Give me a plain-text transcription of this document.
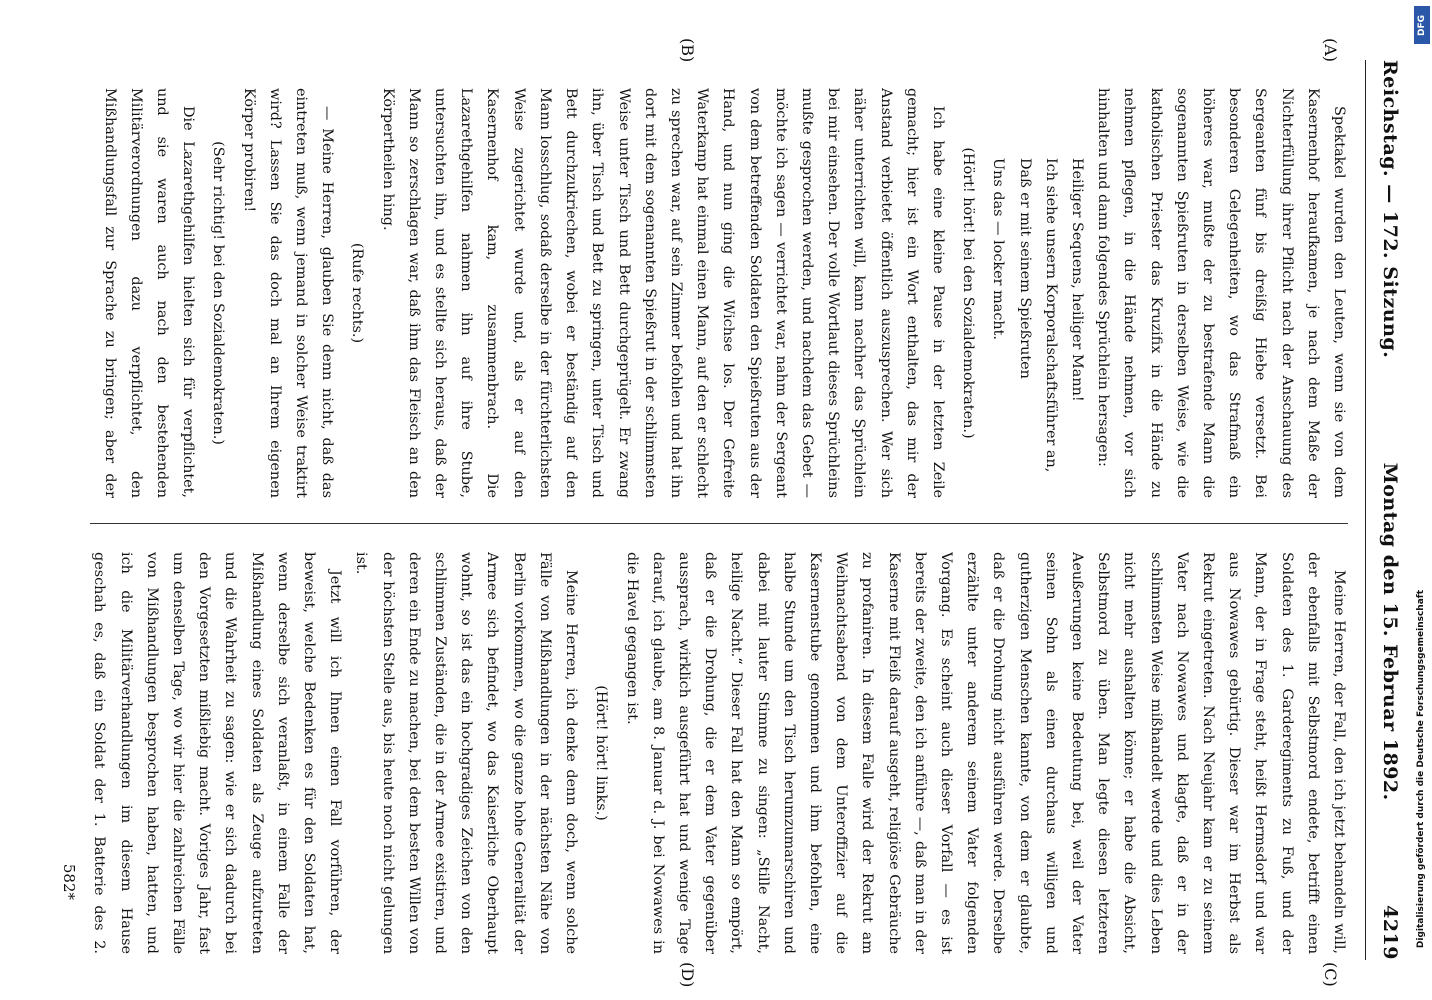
Reichstag. — 172. Sitzung.
Montag den 15. Februar 1892.
4219
(A)
(B)
(C)
(D)

Spektakel wurden den Leuten, wenn sie von dem Kasernenhof heraufkamen, je nach dem Maße der Nichterfüllung ihrer Pflicht nach der Anschauung des Sergeanten fünf bis dreißig Hiebe versetzt. Bei besonderen Gelegenheiten, wo das Strafmaß ein höheres war, mußte der zu bestrafende Mann die sogenannten Spießruten in derselben Weise, wie die katholischen Priester das Kruzifix in die Hände zu nehmen pflegen, in die Hände nehmen, vor sich hinhalten und dann folgendes Sprüchlein hersagen:

Heiliger Sequens, heiliger Mann!

Ich siehe unsern Korporalschaftsführer an,

Daß er mit seinem Spießruten

Uns das — locker macht.

(Hört! hört! bei den Sozialdemokraten.)

Ich habe eine kleine Pause in der letzten Zeile gemacht; hier ist ein Wort enthalten, das mir der Anstand verbietet öffentlich auszusprechen. Wer sich näher unterrichten will, kann nachher das Sprüchlein bei mir einsehen. Der volle Wortlaut dieses Sprüchleins mußte gesprochen werden, und nachdem das Gebet — möchte ich sagen — verrichtet war, nahm der Sergeant von dem betreffenden Soldaten den Spießruten aus der Hand, und nun ging die Wichse los. Der Gefreite Waterkamp hat einmal einen Mann, auf den er schlecht zu sprechen war, auf sein Zimmer befohlen und hat ihn dort mit dem sogenannten Spießrut in der schlimmsten Weise unter Tisch und Bett durchgeprügelt. Er zwang ihn, über Tisch und Bett zu springen, unter Tisch und Bett durchzukriechen, wobei er beständig auf den Mann losschlug, sodaß derselbe in der fürchterlichsten Weise zugerichtet wurde und, als er auf den Kasernenhof kam, zusammenbrach. Die Lazarethgehilfen nahmen ihn auf ihre Stube, untersuchten ihn, und es stellte sich heraus, daß der Mann so zerschlagen war, daß ihm das Fleisch an den Körpertheilen hing.

(Rufe rechts.)

— Meine Herren, glauben Sie denn nicht, daß das eintreten muß, wenn jemand in solcher Weise traktirt wird? Lassen Sie das doch mal an Ihrem eigenen Körper probiren!

(Sehr richtig! bei den Sozialdemokraten.)

Die Lazarethgehilfen hielten sich für verpflichtet, und sie waren auch nach den bestehenden Militärverordnungen dazu verpflichtet, den Mißhandlungsfall zur Sprache zu bringen; aber der

Meine Herren, der Fall, den ich jetzt behandeln will, der ebenfalls mit Selbstmord endete, betrifft einen Soldaten des 1. Garderegiments zu Fuß, und der Mann, der in Frage steht, heißt Hermsdorf und war aus Nowawes gebürtig. Dieser war im Herbst als Rekrut eingetreten. Nach Neujahr kam er zu seinem Vater nach Nowawes und klagte, daß er in der schlimmsten Weise mißhandelt werde und dies Leben nicht mehr aushalten könne; er habe die Absicht, Selbstmord zu üben. Man legte diesen letzteren Aeußerungen keine Bedeutung bei, weil der Vater seinen Sohn als einen durchaus willigen und gutherzigen Menschen kannte, von dem er glaubte, daß er die Drohung nicht ausführen werde. Derselbe erzählte unter anderem seinem Vater folgenden Vorgang. Es scheint auch dieser Vorfall — es ist bereits der zweite, den ich anführe —, daß man in der Kaserne mit Fleiß darauf ausgeht, religiöse Gebräuche zu profaniren. In diesem Falle wird der Rekrut am Weihnachtsabend von dem Unteroffizier auf die Kasernenstube genommen und ihm befohlen, eine halbe Stunde um den Tisch herumzumarschiren und dabei mit lauter Stimme zu singen: „Stille Nacht, heilige Nacht.“ Dieser Fall hat den Mann so empört, daß er die Drohung, die er dem Vater gegenüber aussprach, wirklich ausgeführt hat und wenige Tage darauf, ich glaube, am 8. Januar d. J. bei Nowawes in die Havel gegangen ist.

(Hört! hört! links.)

Meine Herren, ich denke denn doch, wenn solche Fälle von Mißhandlungen in der nächsten Nähe von Berlin vorkommen, wo die ganze hohe Generalität der Armee sich befindet, wo das Kaiserliche Oberhaupt wohnt, so ist das ein hochgradiges Zeichen von den schlimmen Zuständen, die in der Armee existiren, und deren ein Ende zu machen, bei dem besten Willen von der höchsten Stelle aus, bis heute noch nicht gelungen ist.

Jetzt will ich Ihnen einen Fall vorführen, der beweist, welche Bedenken es für den Soldaten hat, wenn derselbe sich veranlaßt, in einem Falle der Mißhandlung eines Soldaten als Zeuge aufzutreten und die Wahrheit zu sagen: wie er sich dadurch bei den Vorgesetzten mißliebig macht. Voriges Jahr, fast um denselben Tage, wo wir hier die zahlreichen Fälle von Mißhandlungen besprochen haben, hatten, und ich die Militärverhandlungen im diesem Hause geschah es, daß ein Soldat der 1. Batterie des 2.

582*
DFG
Digitalisierung gefördert durch die Deutsche Forschungsgemeinschaft
